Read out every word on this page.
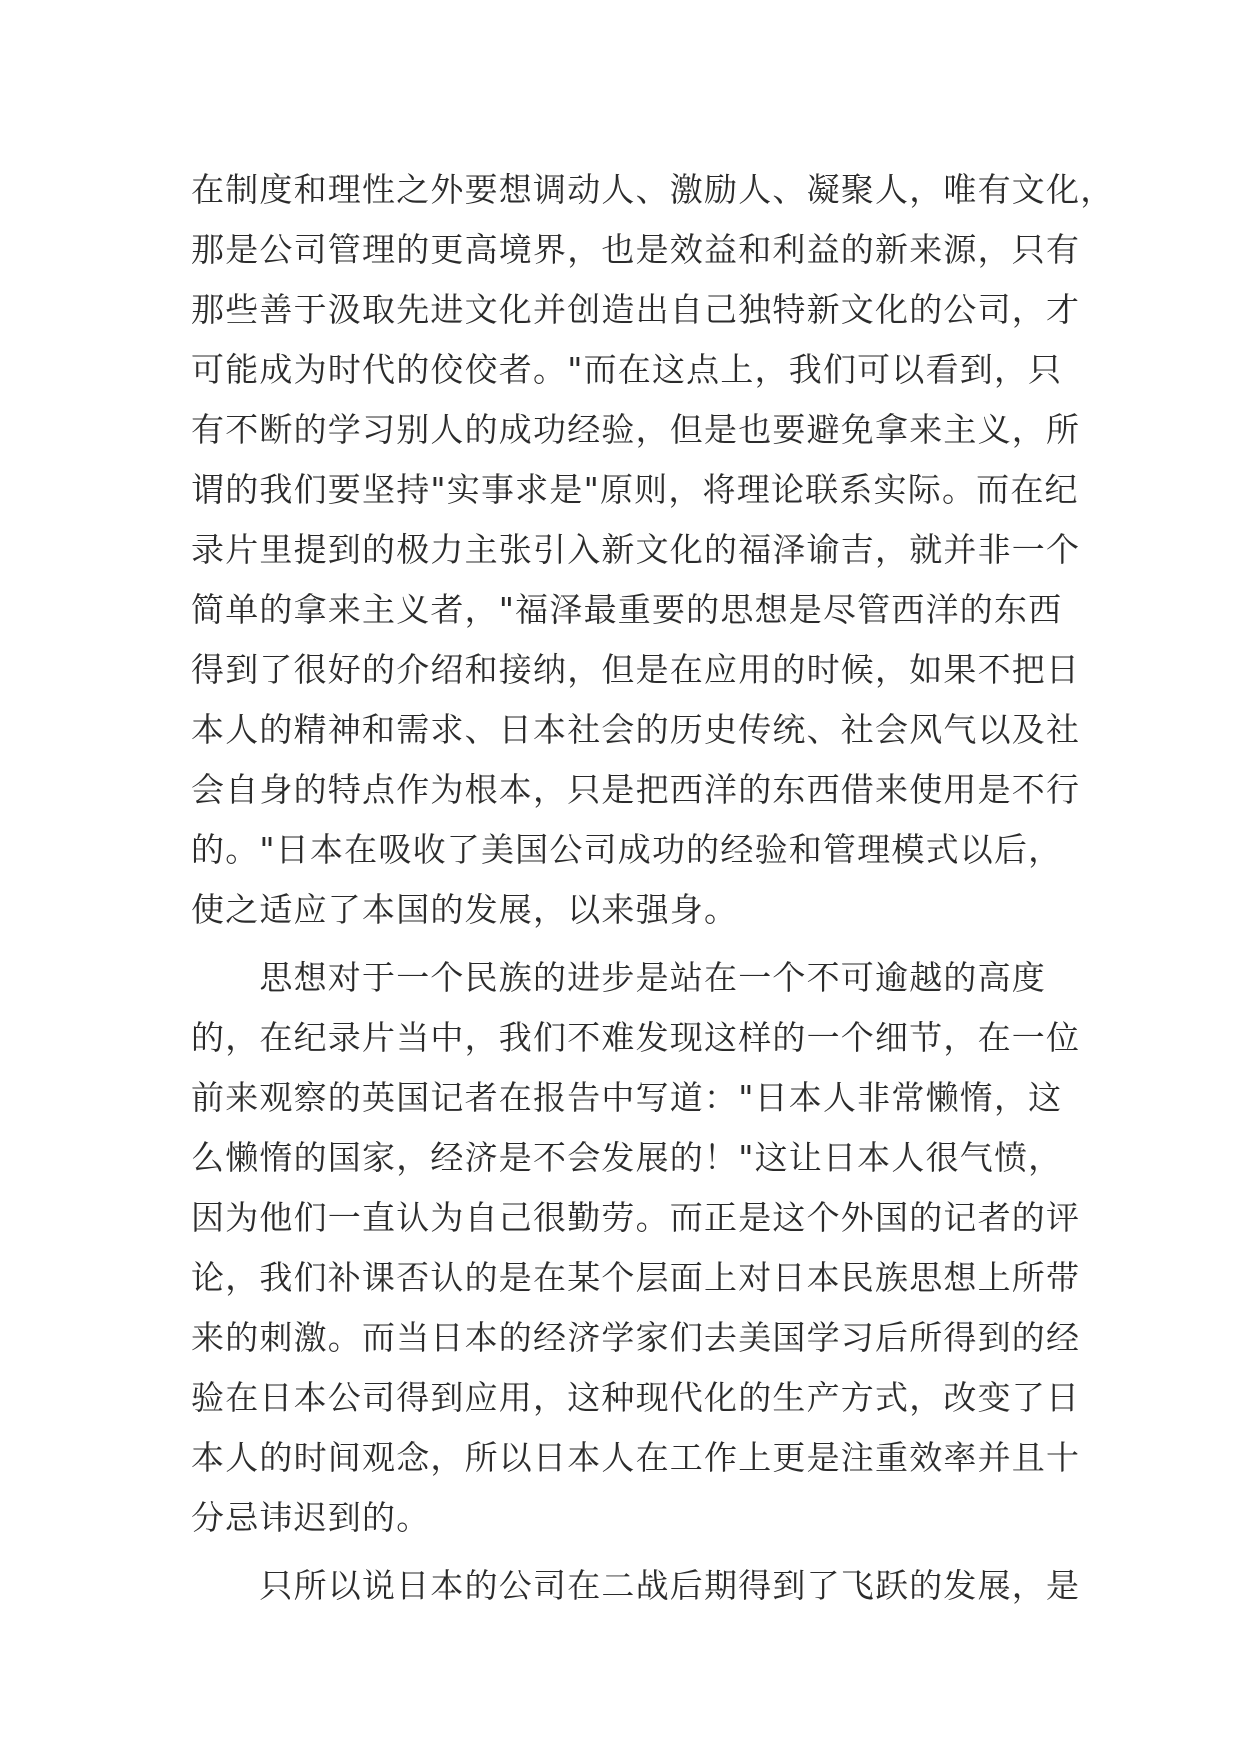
在制度和理性之外要想调动人、激励人、凝聚人，唯有文化，
那是公司管理的更高境界，也是效益和利益的新来源，只有
那些善于汲取先进文化并创造出自己独特新文化的公司，才
可能成为时代的佼佼者。"而在这点上，我们可以看到，只
有不断的学习别人的成功经验，但是也要避免拿来主义，所
谓的我们要坚持"实事求是"原则，将理论联系实际。而在纪
录片里提到的极力主张引入新文化的福泽谕吉，就并非一个
简单的拿来主义者，"福泽最重要的思想是尽管西洋的东西
得到了很好的介绍和接纳，但是在应用的时候，如果不把日
本人的精神和需求、日本社会的历史传统、社会风气以及社
会自身的特点作为根本，只是把西洋的东西借来使用是不行
的。"日本在吸收了美国公司成功的经验和管理模式以后，
使之适应了本国的发展，以来强身。
　　思想对于一个民族的进步是站在一个不可逾越的高度
的，在纪录片当中，我们不难发现这样的一个细节，在一位
前来观察的英国记者在报告中写道："日本人非常懒惰，这
么懒惰的国家，经济是不会发展的！"这让日本人很气愤，
因为他们一直认为自己很勤劳。而正是这个外国的记者的评
论，我们补课否认的是在某个层面上对日本民族思想上所带
来的刺激。而当日本的经济学家们去美国学习后所得到的经
验在日本公司得到应用，这种现代化的生产方式，改变了日
本人的时间观念，所以日本人在工作上更是注重效率并且十
分忌讳迟到的。
　　只所以说日本的公司在二战后期得到了飞跃的发展，是
